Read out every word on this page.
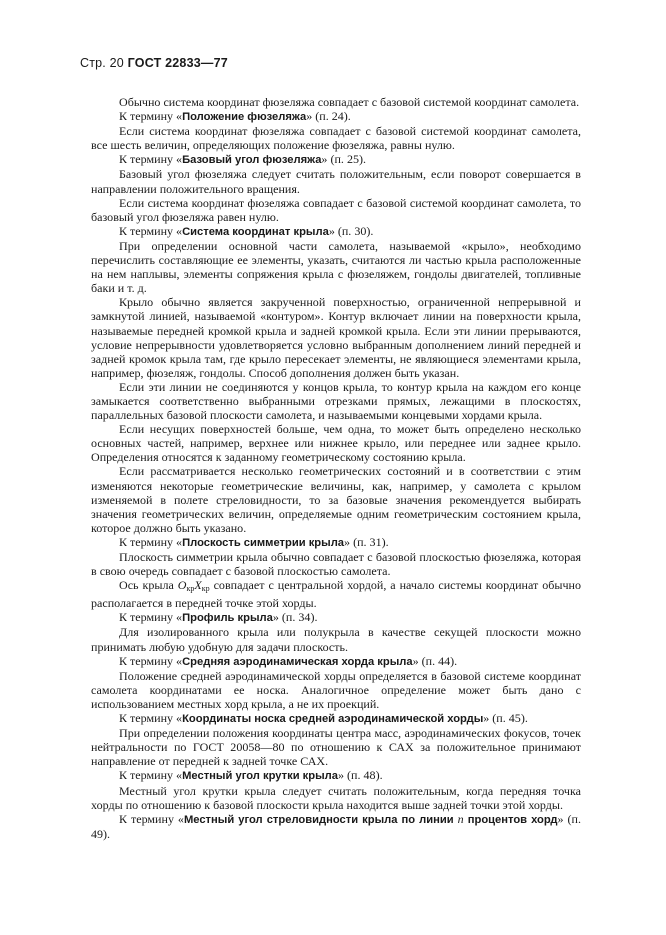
Стр. 20 ГОСТ 22833—77

Обычно система координат фюзеляжа совпадает с базовой системой координат самолета.

К термину «Положение фюзеляжа» (п. 24).

Если система координат фюзеляжа совпадает с базовой системой координат самолета, все шесть величин, определяющих положение фюзеляжа, равны нулю.

К термину «Базовый угол фюзеляжа» (п. 25).

Базовый угол фюзеляжа следует считать положительным, если поворот совершается в направлении положительного вращения.

Если система координат фюзеляжа совпадает с базовой системой координат самолета, то базовый угол фюзеляжа равен нулю.

К термину «Система координат крыла» (п. 30).

При определении основной части самолета, называемой «крыло», необходимо перечислить составляющие ее элементы, указать, считаются ли частью крыла расположенные на нем наплывы, элементы сопряжения крыла с фюзеляжем, гондолы двигателей, топливные баки и т. д.

Крыло обычно является закрученной поверхностью, ограниченной непрерывной и замкнутой линией, называемой «контуром». Контур включает линии на поверхности крыла, называемые передней кромкой крыла и задней кромкой крыла. Если эти линии прерываются, условие непрерывности удовлетворяется условно выбранным дополнением линий передней и задней кромок крыла там, где крыло пересекает элементы, не являющиеся элементами крыла, например, фюзеляж, гондолы. Способ дополнения должен быть указан.

Если эти линии не соединяются у концов крыла, то контур крыла на каждом его конце замыкается соответственно выбранными отрезками прямых, лежащими в плоскостях, параллельных базовой плоскости самолета, и называемыми концевыми хордами крыла.

Если несущих поверхностей больше, чем одна, то может быть определено несколько основных частей, например, верхнее или нижнее крыло, или переднее или заднее крыло. Определения относятся к заданному геометрическому состоянию крыла.

Если рассматривается несколько геометрических состояний и в соответствии с этим изменяются некоторые геометрические величины, как, например, у самолета с крылом изменяемой в полете стреловидности, то за базовые значения рекомендуется выбирать значения геометрических величин, определяемые одним геометрическим состоянием крыла, которое должно быть указано.

К термину «Плоскость симметрии крыла» (п. 31).

Плоскость симметрии крыла обычно совпадает с базовой плоскостью фюзеляжа, которая в свою очередь совпадает с базовой плоскостью самолета.

Ось крыла $O_{кр}X_{кр}$ совпадает с центральной хордой, а начало системы координат обычно располагается в передней точке этой хорды.

К термину «Профиль крыла» (п. 34).

Для изолированного крыла или полукрыла в качестве секущей плоскости можно принимать любую удобную для задачи плоскость.

К термину «Средняя аэродинамическая хорда крыла» (п. 44).

Положение средней аэродинамической хорды определяется в базовой системе координат самолета координатами ее носка. Аналогичное определение может быть дано с использованием местных хорд крыла, а не их проекций.

К термину «Координаты носка средней аэродинамической хорды» (п. 45).

При определении положения координаты центра масс, аэродинамических фокусов, точек нейтральности по ГОСТ 20058—80 по отношению к САХ за положительное принимают направление от передней к задней точке САХ.

К термину «Местный угол крутки крыла» (п. 48).

Местный угол крутки крыла следует считать положительным, когда передняя точка хорды по отношению к базовой плоскости крыла находится выше задней точки этой хорды.

К термину «Местный угол стреловидности крыла по линии n процентов хорд» (п. 49).
